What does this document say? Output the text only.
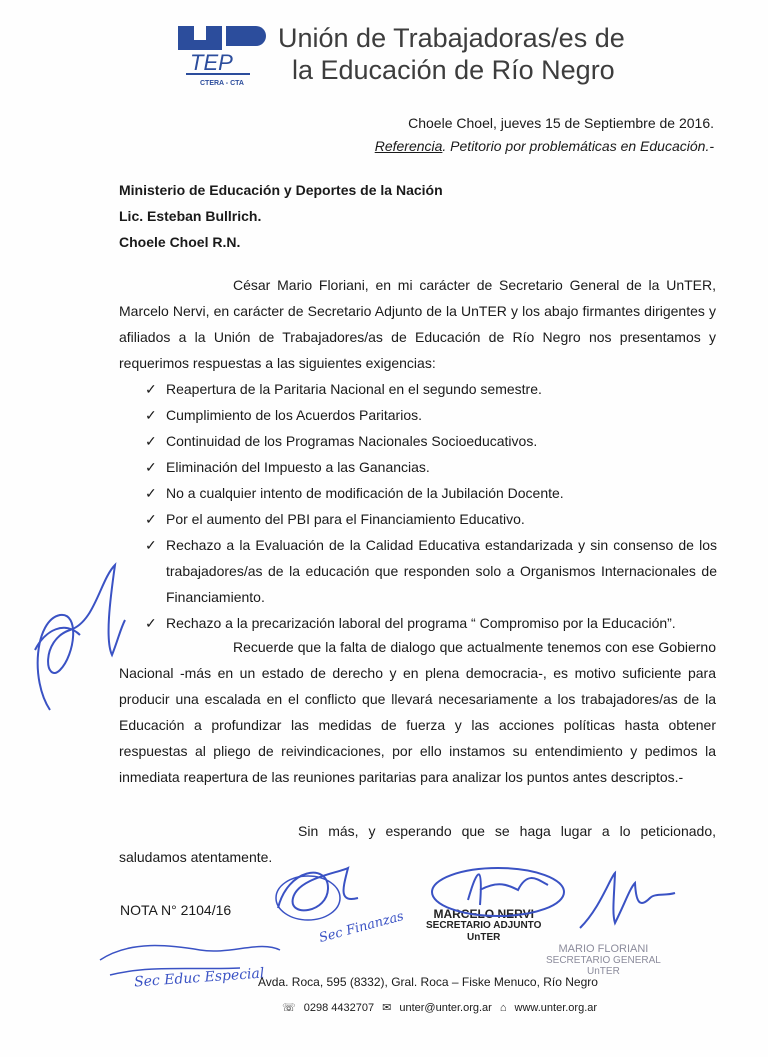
TEP
CTERA - CTA
Unión de Trabajadoras/es de
la Educación de Río Negro
Choele Choel, jueves 15 de Septiembre de 2016.
Referencia. Petitorio por problemáticas en Educación.-
Ministerio de Educación y Deportes de la Nación
Lic. Esteban Bullrich.
Choele Choel R.N.

César Mario Floriani, en mi carácter de Secretario General de la UnTER, Marcelo Nervi, en carácter de Secretario Adjunto de la UnTER y los abajo firmantes dirigentes y afiliados a la Unión de Trabajadores/as de Educación de Río Negro nos presentamos y requerimos respuestas a las siguientes exigencias:

✓ Reapertura de la Paritaria Nacional en el segundo semestre.
✓ Cumplimiento de los Acuerdos Paritarios.
✓ Continuidad de los Programas Nacionales Socioeducativos.
✓ Eliminación del Impuesto a las Ganancias.
✓ No a cualquier intento de modificación de la Jubilación Docente.
✓ Por el aumento del PBI para el Financiamiento Educativo.
✓ Rechazo a la Evaluación de la Calidad Educativa estandarizada y sin consenso de los trabajadores/as de la educación que responden solo a Organismos Internacionales de Financiamiento.
✓ Rechazo a la precarización laboral del programa “ Compromiso por la Educación”.

Recuerde que la falta de dialogo que actualmente tenemos con ese Gobierno Nacional -más en un estado de derecho y en plena democracia-, es motivo suficiente para producir una escalada en el conflicto que llevará necesariamente a los trabajadores/as de la Educación a profundizar las medidas de fuerza y las acciones políticas hasta obtener respuestas al pliego de reivindicaciones, por ello instamos su entendimiento y pedimos la inmediata reapertura de las reuniones paritarias para analizar los puntos antes descriptos.-

Sin más, y esperando que se haga lugar a lo peticionado, saludamos atentamente.

NOTA N° 2104/16	MARCELO NERVI
SECRETARIO ADJUNTO
UnTER
MARIO FLORIANI
SECRETARIO GENERAL
UnTER
Sec Finanzas
Sec Educ Especial
Avda. Roca, 595 (8332), Gral. Roca – Fiske Menuco, Río Negro
☏ 0298 4432707 ✉ unter@unter.org.ar ⌂ www.unter.org.ar
